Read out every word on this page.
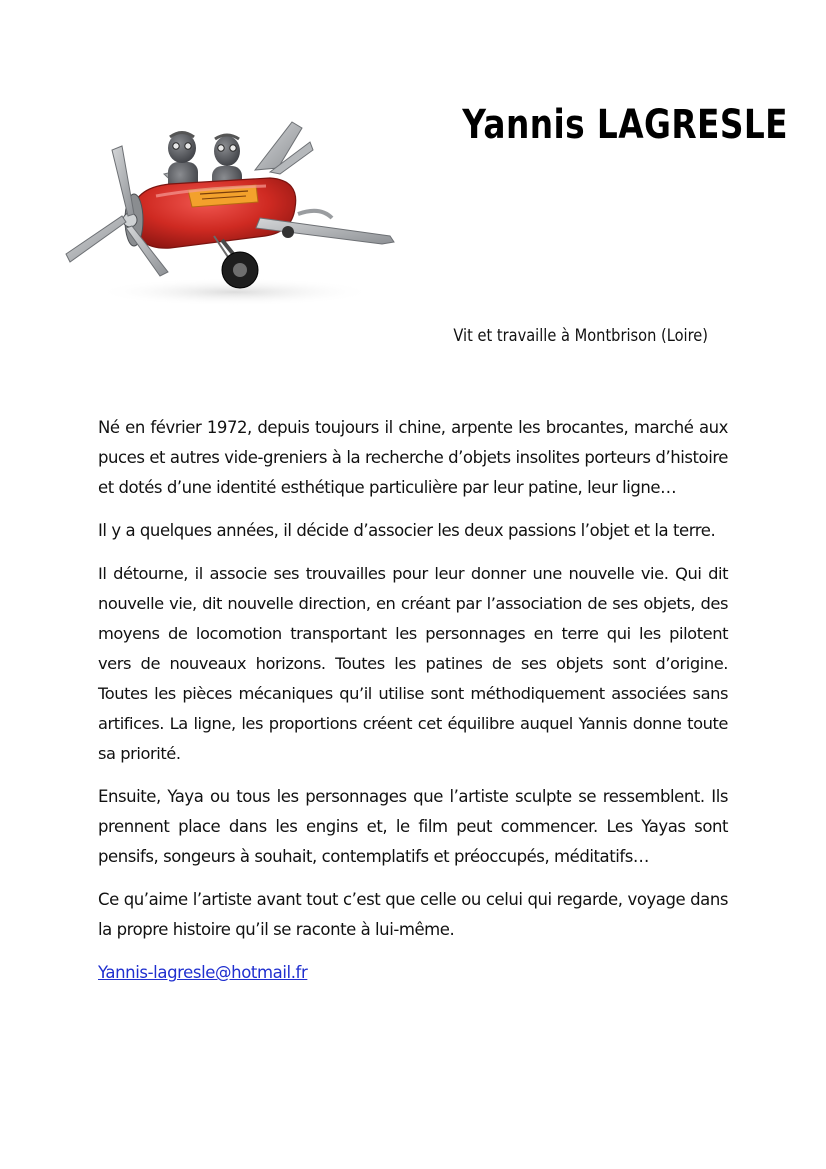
Yannis LAGRESLE
Vit et travaille à Montbrison (Loire)

Né en février 1972, depuis toujours il chine, arpente les brocantes, marché aux puces et autres vide-greniers à la recherche d’objets insolites porteurs d’histoire et dotés d’une identité esthétique particulière par leur patine, leur ligne…

Il y a quelques années, il décide d’associer les deux passions l’objet et la terre.

Il détourne, il associe ses trouvailles pour leur donner une nouvelle vie. Qui dit nouvelle vie, dit nouvelle direction, en créant par l’association de ses objets, des moyens de locomotion transportant les personnages en terre qui les pilotent vers de nouveaux horizons. Toutes les patines de ses objets sont d’origine. Toutes les pièces mécaniques qu’il utilise sont méthodiquement associées sans artifices. La ligne, les proportions créent cet équilibre auquel Yannis donne toute sa priorité.

Ensuite, Yaya ou tous les personnages que l’artiste sculpte se ressemblent. Ils prennent place dans les engins et, le film peut commencer. Les Yayas sont pensifs, songeurs à souhait, contemplatifs et préoccupés, méditatifs…

Ce qu’aime l’artiste avant tout c’est que celle ou celui qui regarde, voyage dans la propre histoire qu’il se raconte à lui-même.

Yannis-lagresle@hotmail.fr
